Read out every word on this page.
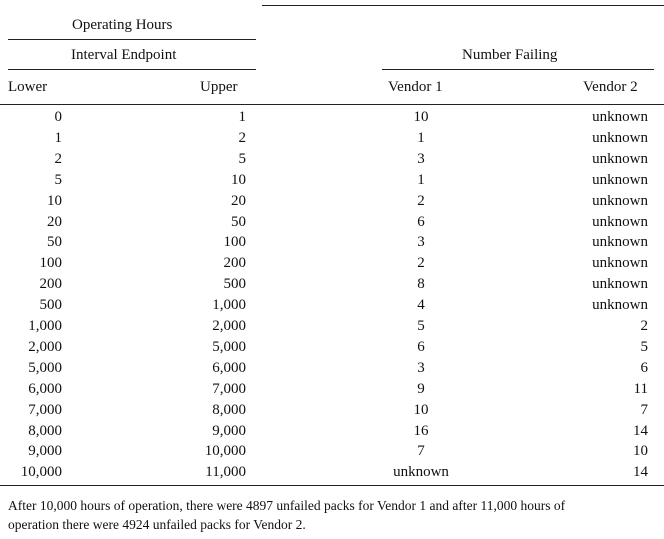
Operating Hours
Interval Endpoint	Number Failing
Lower	Upper	Vendor 1	Vendor 2
0	1	10	unknown
1	2	1	unknown
2	5	3	unknown
5	10	1	unknown
10	20	2	unknown
20	50	6	unknown
50	100	3	unknown
100	200	2	unknown
200	500	8	unknown
500	1,000	4	unknown
1,000	2,000	5	2
2,000	5,000	6	5
5,000	6,000	3	6
6,000	7,000	9	11
7,000	8,000	10	7
8,000	9,000	16	14
9,000	10,000	7	10
10,000	11,000	unknown	14
After 10,000 hours of operation, there were 4897 unfailed packs for Vendor 1 and after 11,000 hours of
operation there were 4924 unfailed packs for Vendor 2.
